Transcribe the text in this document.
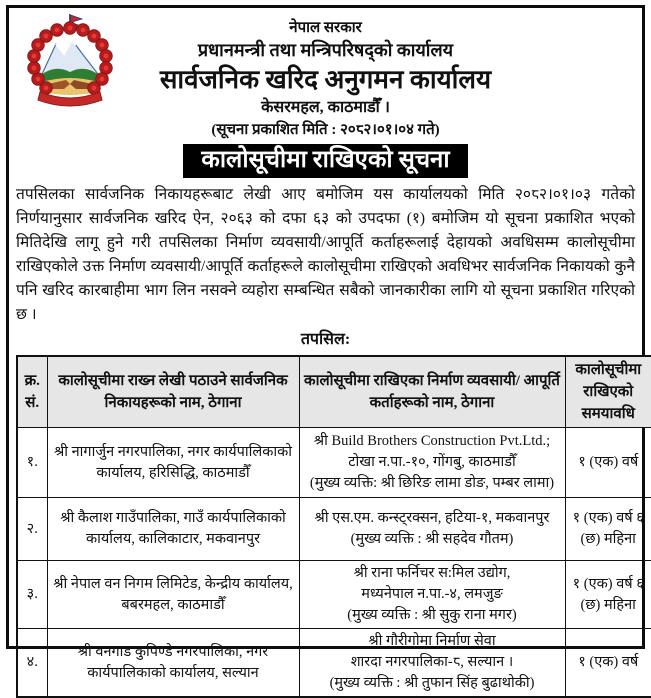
नेपाल सरकार
प्रधानमन्त्री तथा मन्त्रिपरिषद्को कार्यालय
सार्वजनिक खरिद अनुगमन कार्यालय
केसरमहल, काठमाडौँ ।
(सूचना प्रकाशित मिति : २०८२।०१।०४ गते)
कालोसूचीमा राखिएको सूचना
तपसिलका सार्वजनिक निकायहरूबाट लेखी आए बमोजिम यस कार्यालयको मिति २०८२।०१।०३ गतेको निर्णयानुसार सार्वजनिक खरिद ऐन, २०६३ को दफा ६३ को उपदफा (१) बमोजिम यो सूचना प्रकाशित भएको मितिदेखि लागू हुने गरी तपसिलका निर्माण व्यवसायी/आपूर्ति कर्ताहरूलाई देहायको अवधिसम्म कालोसूचीमा राखिएकोले उक्त निर्माण व्यवसायी/आपूर्ति कर्ताहरूले कालोसूचीमा राखिएको अवधिभर सार्वजनिक निकायको कुनै पनि खरिद कारबाहीमा भाग लिन नसक्ने व्यहोरा सम्बन्धित सबैको जानकारीका लागि यो सूचना प्रकाशित गरिएको छ ।
तपसिल:
क्र. सं.	कालोसूचीमा राख्न लेखी पठाउने सार्वजनिक निकायहरूको नाम, ठेगाना	कालोसूचीमा राखिएका निर्माण व्यवसायी/ आपूर्ति कर्ताहरूको नाम, ठेगाना	कालोसूचीमा राखिएको समयावधि
१.	श्री नागार्जुन नगरपालिका, नगर कार्यपालिकाको कार्यालय, हरिसिद्धि, काठमाडौँ	श्री Build Brothers Construction Pvt.Ltd.;
टोखा न.पा.-१०, गोंगबु, काठमाडौँ
(मुख्य व्यक्ति: श्री छिरिङ लामा डोङ, पम्बर लामा)	१ (एक) वर्ष
२.	श्री कैलाश गाउँपालिका, गाउँ कार्यपालिकाको कार्यालय, कालिकाटार, मकवानपुर	श्री एस.एम. कन्स्ट्रक्सन, हटिया-१, मकवानपुर
(मुख्य व्यक्ति : श्री सहदेव गौतम)	१ (एक) वर्ष ६ (छ) महिना
३.	श्री नेपाल वन निगम लिमिटेड, केन्द्रीय कार्यालय, बबरमहल, काठमाडौँ	श्री राना फर्निचर स:मिल उद्योग,
मध्यनेपाल न.पा.-४, लमजुङ
(मुख्य व्यक्ति : श्री सुकु राना मगर)	१ (एक) वर्ष ६ (छ) महिना
४.	श्री वनगाड कुपिण्डे नगरपालिका, नगर कार्यपालिकाको कार्यालय, सल्यान	श्री गौरीगोमा निर्माण सेवा
शारदा नगरपालिका-८, सल्यान ।
(मुख्य व्यक्ति : श्री तुफान सिंह बुढाथोकी)	१ (एक) वर्ष
